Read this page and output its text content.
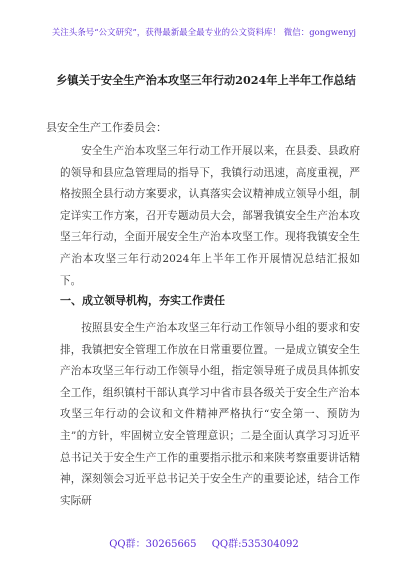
关注头条号“公文研究”，获得最新最全最专业的公文资料库！ 微信：gongwenyj
乡镇关于安全生产治本攻坚三年行动2024年上半年工作总结
县安全生产工作委员会：

安全生产治本攻坚三年行动工作开展以来，在县委、县政府的领导和县应急管理局的指导下，我镇行动迅速，高度重视，严格按照全县行动方案要求，认真落实会议精神成立领导小组，制定详实工作方案，召开专题动员大会，部署我镇安全生产治本攻坚三年行动，全面开展安全生产治本攻坚工作。现将我镇安全生产治本攻坚三年行动2024年上半年工作开展情况总结汇报如下。

一、成立领导机构，夯实工作责任

按照县安全生产治本攻坚三年行动工作领导小组的要求和安排，我镇把安全管理工作放在日常重要位置。一是成立镇安全生产治本攻坚三年行动工作领导小组，指定领导班子成员具体抓安全工作，组织镇村干部认真学习中省市县各级关于安全生产治本攻坚三年行动的会议和文件精神严格执行“安全第一、预防为主”的方针，牢固树立安全管理意识；二是全面认真学习习近平总书记关于安全生产工作的重要指示批示和来陕考察重要讲话精神，深刻领会习近平总书记关于安全生产的重要论述，结合工作实际研

QQ群：30265665 QQ群:535304092
